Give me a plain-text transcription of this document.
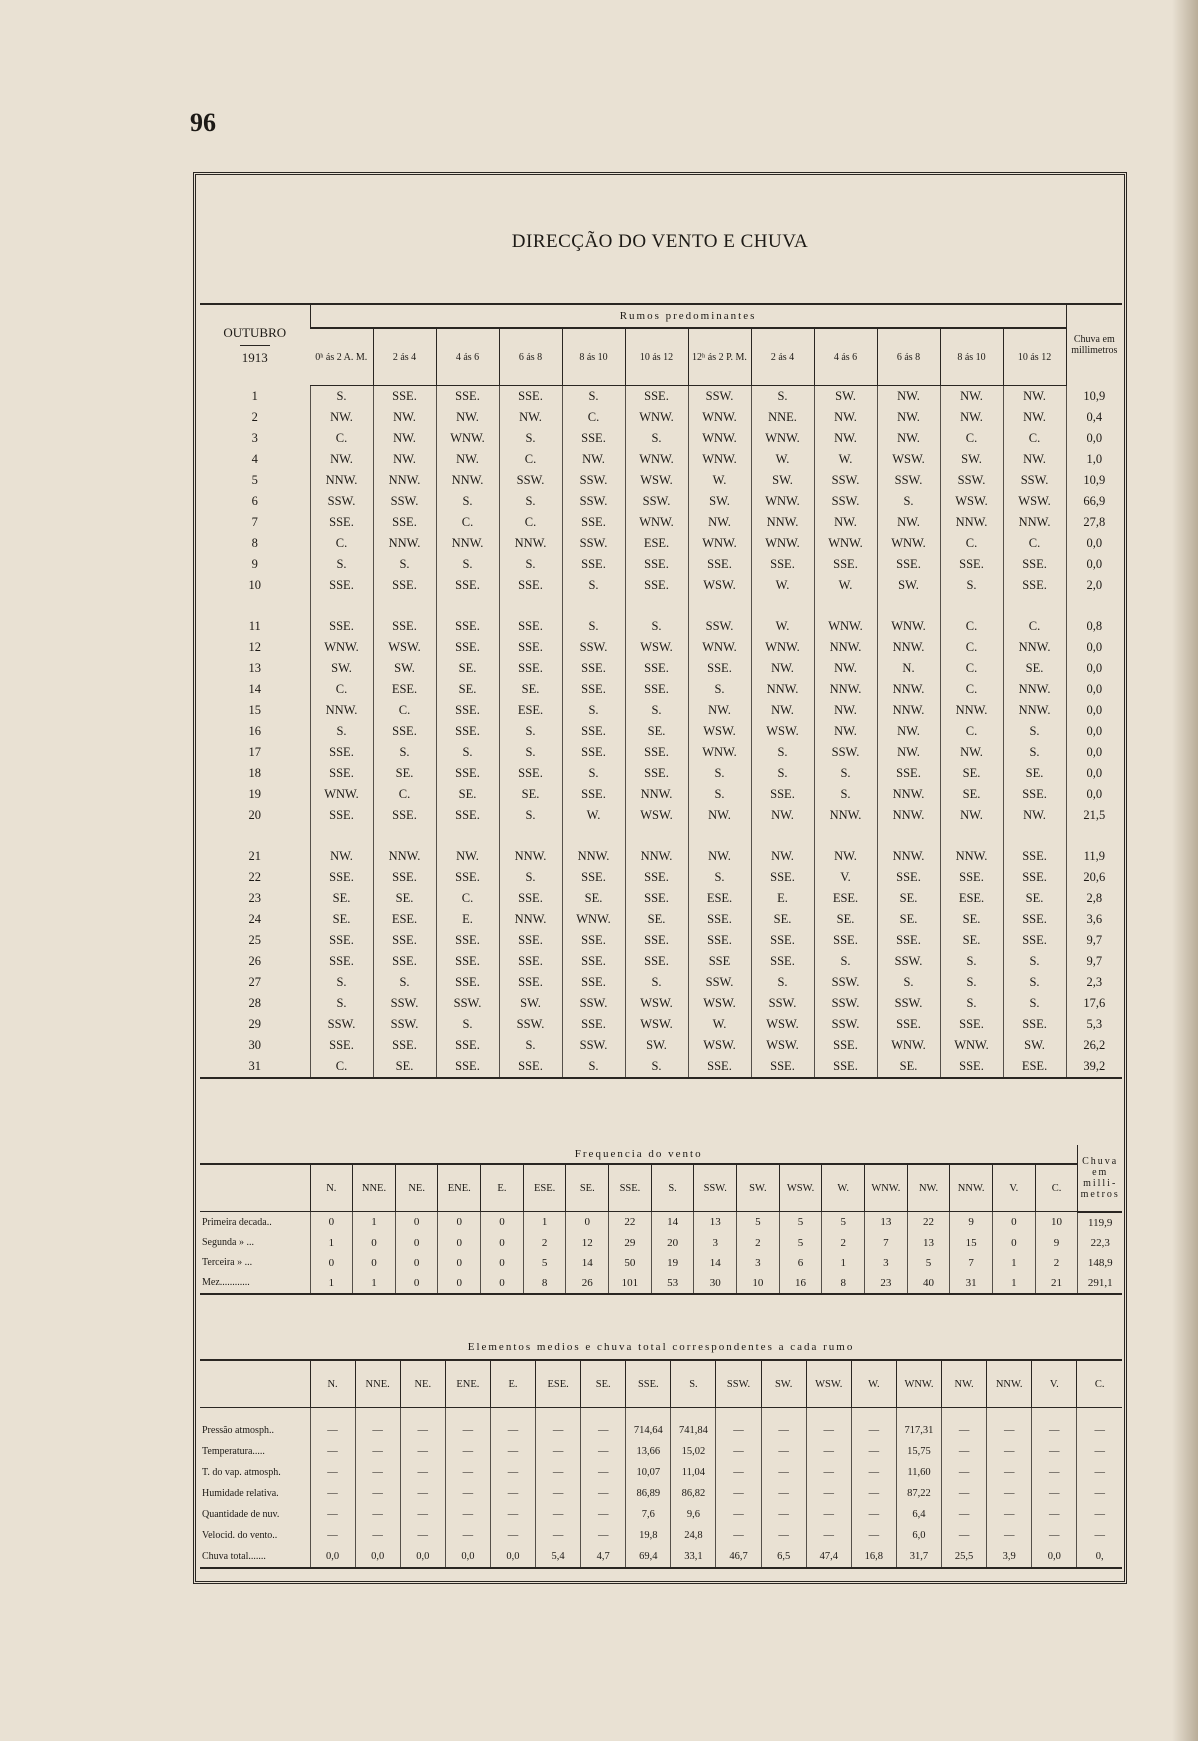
96
DIRECÇÃO DO VENTO E CHUVA
OUTUBRO
1913	Rumos predominantes												Chuva em millimetros
	0ʰ ás 2 A. M.	2 ás 4	4 ás 6	6 ás 8	8 ás 10	10 ás 12	12ʰ ás 2 P. M.	2 ás 4	4 ás 6	6 ás 8	8 ás 10	10 ás 12	
1	S.	SSE.	SSE.	SSE.	S.	SSE.	SSW.	S.	SW.	NW.	NW.	NW.	10,9
2	NW.	NW.	NW.	NW.	C.	WNW.	WNW.	NNE.	NW.	NW.	NW.	NW.	0,4
3	C.	NW.	WNW.	S.	SSE.	S.	WNW.	WNW.	NW.	NW.	C.	C.	0,0
4	NW.	NW.	NW.	C.	NW.	WNW.	WNW.	W.	W.	WSW.	SW.	NW.	1,0
5	NNW.	NNW.	NNW.	SSW.	SSW.	WSW.	W.	SW.	SSW.	SSW.	SSW.	SSW.	10,9
6	SSW.	SSW.	S.	S.	SSW.	SSW.	SW.	WNW.	SSW.	S.	WSW.	WSW.	66,9
7	SSE.	SSE.	C.	C.	SSE.	WNW.	NW.	NNW.	NW.	NW.	NNW.	NNW.	27,8
8	C.	NNW.	NNW.	NNW.	SSW.	ESE.	WNW.	WNW.	WNW.	WNW.	C.	C.	0,0
9	S.	S.	S.	S.	SSE.	SSE.	SSE.	SSE.	SSE.	SSE.	SSE.	SSE.	0,0
10	SSE.	SSE.	SSE.	SSE.	S.	SSE.	WSW.	W.	W.	SW.	S.	SSE.	2,0
11	SSE.	SSE.	SSE.	SSE.	S.	S.	SSW.	W.	WNW.	WNW.	C.	C.	0,8
12	WNW.	WSW.	SSE.	SSE.	SSW.	WSW.	WNW.	WNW.	NNW.	NNW.	C.	NNW.	0,0
13	SW.	SW.	SE.	SSE.	SSE.	SSE.	SSE.	NW.	NW.	N.	C.	SE.	0,0
14	C.	ESE.	SE.	SE.	SSE.	SSE.	S.	NNW.	NNW.	NNW.	C.	NNW.	0,0
15	NNW.	C.	SSE.	ESE.	S.	S.	NW.	NW.	NW.	NNW.	NNW.	NNW.	0,0
16	S.	SSE.	SSE.	S.	SSE.	SE.	WSW.	WSW.	NW.	NW.	C.	S.	0,0
17	SSE.	S.	S.	S.	SSE.	SSE.	WNW.	S.	SSW.	NW.	NW.	S.	0,0
18	SSE.	SE.	SSE.	SSE.	S.	SSE.	S.	S.	S.	SSE.	SE.	SE.	0,0
19	WNW.	C.	SE.	SE.	SSE.	NNW.	S.	SSE.	S.	NNW.	SE.	SSE.	0,0
20	SSE.	SSE.	SSE.	S.	W.	WSW.	NW.	NW.	NNW.	NNW.	NW.	NW.	21,5
21	NW.	NNW.	NW.	NNW.	NNW.	NNW.	NW.	NW.	NW.	NNW.	NNW.	SSE.	11,9
22	SSE.	SSE.	SSE.	S.	SSE.	SSE.	S.	SSE.	V.	SSE.	SSE.	SSE.	20,6
23	SE.	SE.	C.	SSE.	SE.	SSE.	ESE.	E.	ESE.	SE.	ESE.	SE.	2,8
24	SE.	ESE.	E.	NNW.	WNW.	SE.	SSE.	SE.	SE.	SE.	SE.	SSE.	3,6
25	SSE.	SSE.	SSE.	SSE.	SSE.	SSE.	SSE.	SSE.	SSE.	SSE.	SE.	SSE.	9,7
26	SSE.	SSE.	SSE.	SSE.	SSE.	SSE.	SSE	SSE.	S.	SSW.	S.	S.	9,7
27	S.	S.	SSE.	SSE.	SSE.	S.	SSW.	S.	SSW.	S.	S.	S.	2,3
28	S.	SSW.	SSW.	SW.	SSW.	WSW.	WSW.	SSW.	SSW.	SSW.	S.	S.	17,6
29	SSW.	SSW.	S.	SSW.	SSE.	WSW.	W.	WSW.	SSW.	SSE.	SSE.	SSE.	5,3
30	SSE.	SSE.	SSE.	S.	SSW.	SW.	WSW.	WSW.	SSE.	WNW.	WNW.	SW.	26,2
31	C.	SE.	SSE.	SSE.	S.	S.	SSE.	SSE.	SSE.	SE.	SSE.	ESE.	39,2
Frequencia do vento																			Chuva em milli-metros
	N.	NNE.	NE.	ENE.	E.	ESE.	SE.	SSE.	S.	SSW.	SW.	WSW.	W.	WNW.	NW.	NNW.	V.	C.	
Primeira decada..	0	1	0	0	0	1	0	22	14	13	5	5	5	13	22	9	0	10	119,9
Segunda » ...	1	0	0	0	0	2	12	29	20	3	2	5	2	7	13	15	0	9	22,3
Terceira » ...	0	0	0	0	0	5	14	50	19	14	3	6	1	3	5	7	1	2	148,9
Mez............	1	1	0	0	0	8	26	101	53	30	10	16	8	23	40	31	1	21	291,1
Elementos medios e chuva total correspondentes a cada rumo																		
	N.	NNE.	NE.	ENE.	E.	ESE.	SE.	SSE.	S.	SSW.	SW.	WSW.	W.	WNW.	NW.	NNW.	V.	C.
Pressão atmosph..	—	—	—	—	—	—	—	714,64	741,84	—	—	—	—	717,31	—	—	—	—
Temperatura.....	—	—	—	—	—	—	—	13,66	15,02	—	—	—	—	15,75	—	—	—	—
T. do vap. atmosph.	—	—	—	—	—	—	—	10,07	11,04	—	—	—	—	11,60	—	—	—	—
Humidade relativa.	—	—	—	—	—	—	—	86,89	86,82	—	—	—	—	87,22	—	—	—	—
Quantidade de nuv.	—	—	—	—	—	—	—	7,6	9,6	—	—	—	—	6,4	—	—	—	—
Velocid. do vento..	—	—	—	—	—	—	—	19,8	24,8	—	—	—	—	6,0	—	—	—	—
Chuva total.......	0,0	0,0	0,0	0,0	0,0	5,4	4,7	69,4	33,1	46,7	6,5	47,4	16,8	31,7	25,5	3,9	0,0	0,
